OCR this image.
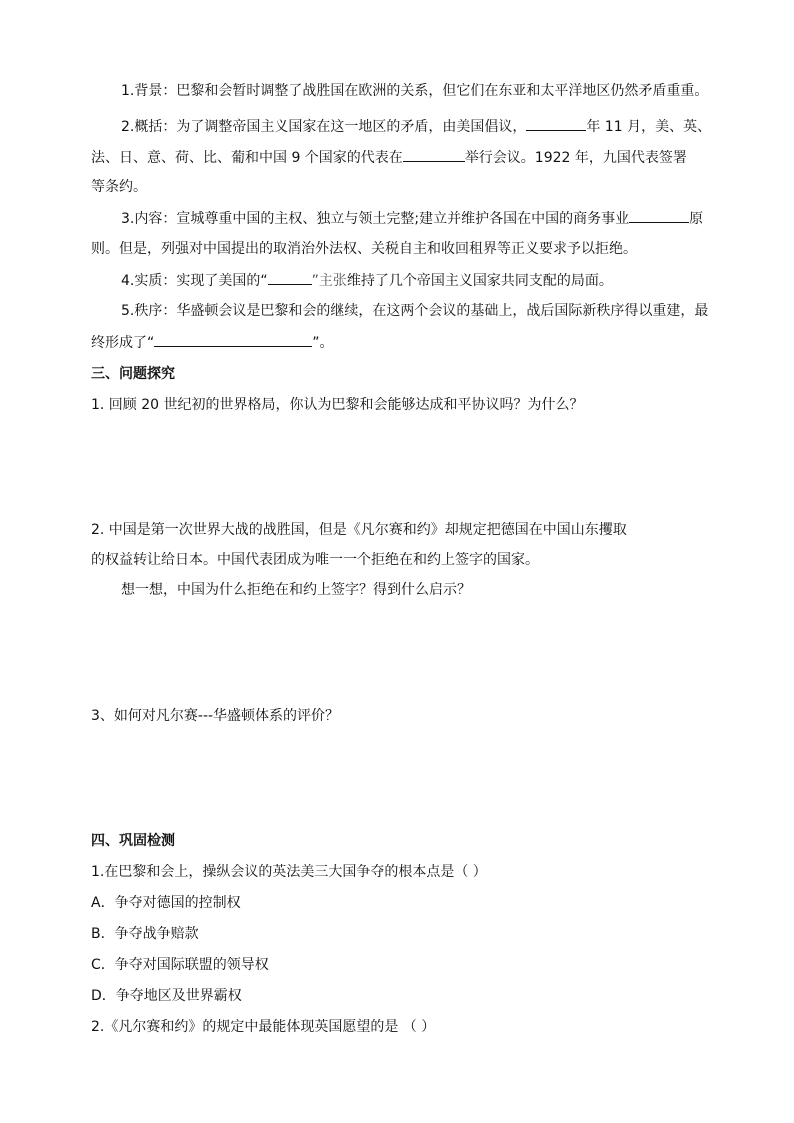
1.背景：巴黎和会暂时调整了战胜国在欧洲的关系，但它们在东亚和太平洋地区仍然矛盾重重。
2.概括：为了调整帝国主义国家在这一地区的矛盾，由美国倡议，	年 11 月，美、英、
法、日、意、荷、比、葡和中国 9 个国家的代表在	举行会议。1922 年，九国代表签署
等条约。
3.内容：宣城尊重中国的主权、独立与领土完整;建立并维护各国在中国的商务事业	原
则。但是，列强对中国提出的取消治外法权、关税自主和收回租界等正义要求予以拒绝。
4.实质：实现了美国的“	”主张维持了几个帝国主义国家共同支配的局面。
5.秩序：华盛顿会议是巴黎和会的继续，在这两个会议的基础上，战后国际新秩序得以重建，最
终形成了“	”。
三、问题探究
1. 回顾 20 世纪初的世界格局，你认为巴黎和会能够达成和平协议吗？为什么？
2. 中国是第一次世界大战的战胜国，但是《凡尔赛和约》却规定把德国在中国山东攫取
的权益转让给日本。中国代表团成为唯一一个拒绝在和约上签字的国家。
想一想，中国为什么拒绝在和约上签字？得到什么启示？
3、如何对凡尔赛---华盛顿体系的评价？
四、巩固检测
1.在巴黎和会上，操纵会议的英法美三大国争夺的根本点是（ ）
A．争夺对德国的控制权
B．争夺战争赔款
C．争夺对国际联盟的领导权
D．争夺地区及世界霸权
2.《凡尔赛和约》的规定中最能体现英国愿望的是 （ ）
